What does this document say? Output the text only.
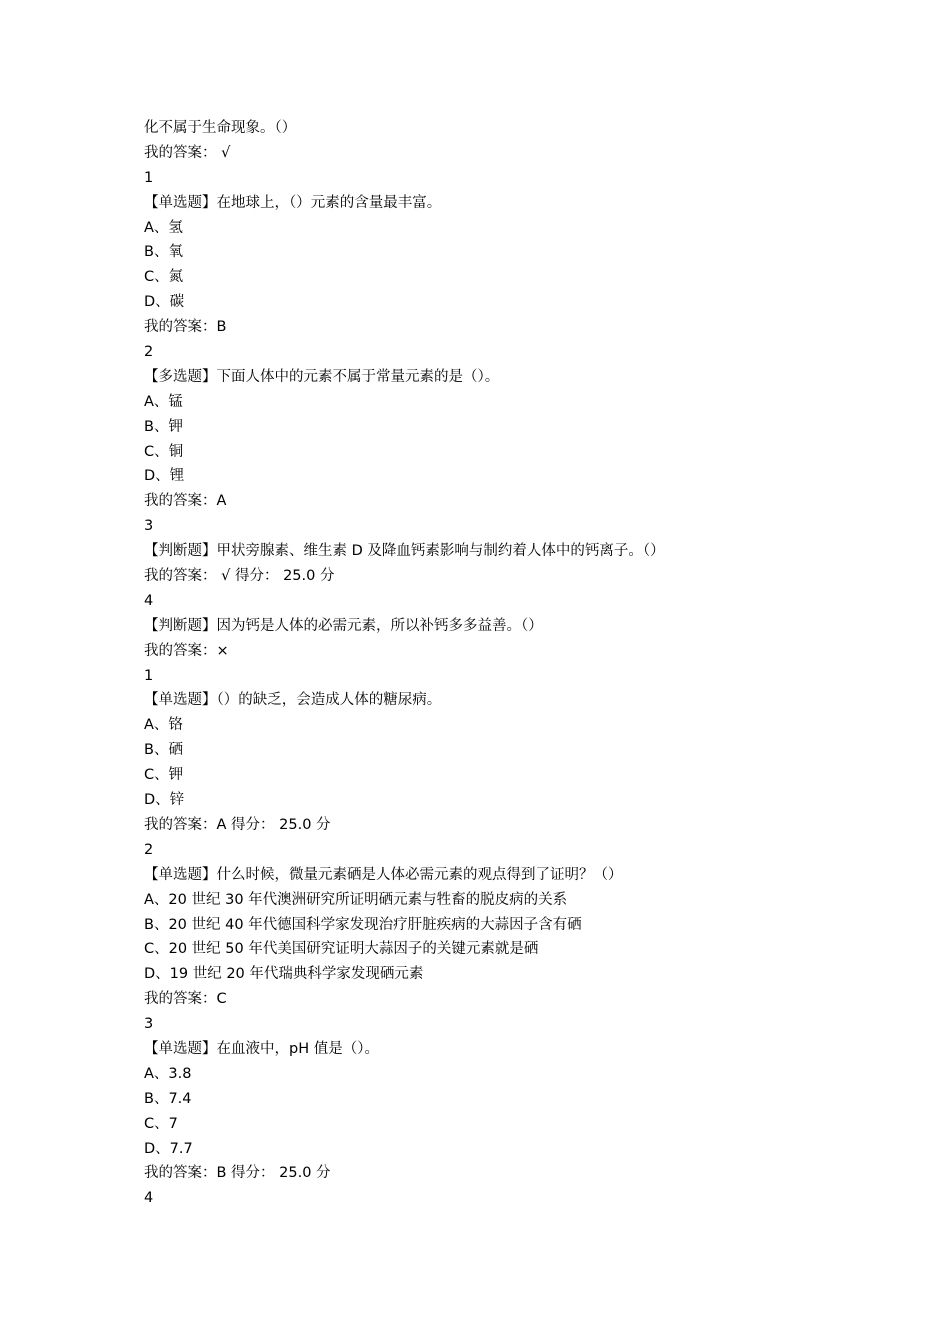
化不属于生命现象。（）
我的答案： √
1
【单选题】在地球上，（）元素的含量最丰富。
A、氢
B、氧
C、氮
D、碳
我的答案：B
2
【多选题】下面人体中的元素不属于常量元素的是（）。
A、锰
B、钾
C、铜
D、锂
我的答案：A
3
【判断题】甲状旁腺素、维生素 D 及降血钙素影响与制约着人体中的钙离子。（）
我的答案： √ 得分： 25.0 分
4
【判断题】因为钙是人体的必需元素，所以补钙多多益善。（）
我的答案：×
1
【单选题】（）的缺乏，会造成人体的糖尿病。
A、铬
B、硒
C、钾
D、锌
我的答案：A 得分： 25.0 分
2
【单选题】什么时候，微量元素硒是人体必需元素的观点得到了证明？（）
A、20 世纪 30 年代澳洲研究所证明硒元素与牲畜的脱皮病的关系
B、20 世纪 40 年代德国科学家发现治疗肝脏疾病的大蒜因子含有硒
C、20 世纪 50 年代美国研究证明大蒜因子的关键元素就是硒
D、19 世纪 20 年代瑞典科学家发现硒元素
我的答案：C
3
【单选题】在血液中，pH 值是（）。
A、3.8
B、7.4
C、7
D、7.7
我的答案：B 得分： 25.0 分
4
